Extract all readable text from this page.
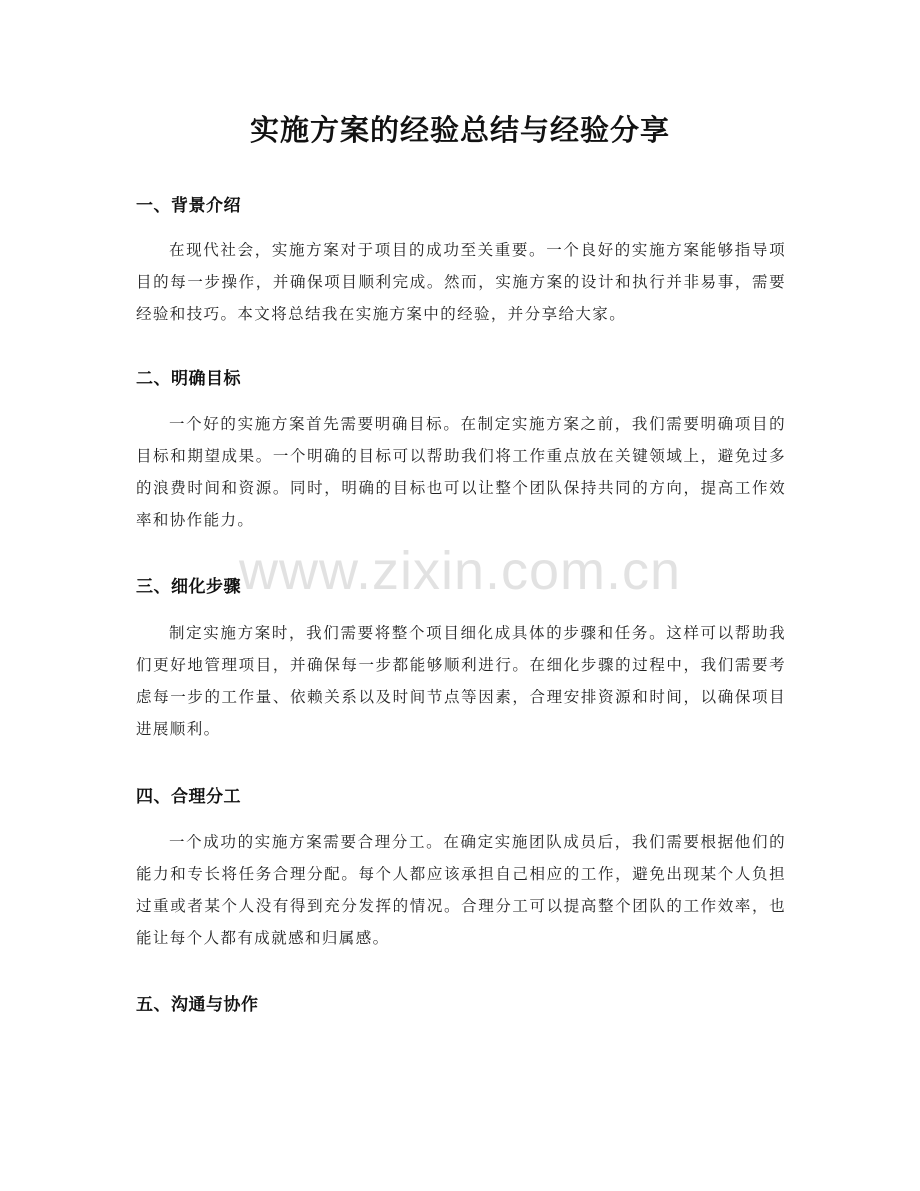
实施方案的经验总结与经验分享
一、背景介绍

在现代社会，实施方案对于项目的成功至关重要。一个良好的实施方案能够指导项目的每一步操作，并确保项目顺利完成。然而，实施方案的设计和执行并非易事，需要经验和技巧。本文将总结我在实施方案中的经验，并分享给大家。

二、明确目标

一个好的实施方案首先需要明确目标。在制定实施方案之前，我们需要明确项目的目标和期望成果。一个明确的目标可以帮助我们将工作重点放在关键领域上，避免过多的浪费时间和资源。同时，明确的目标也可以让整个团队保持共同的方向，提高工作效率和协作能力。

三、细化步骤

制定实施方案时，我们需要将整个项目细化成具体的步骤和任务。这样可以帮助我们更好地管理项目，并确保每一步都能够顺利进行。在细化步骤的过程中，我们需要考虑每一步的工作量、依赖关系以及时间节点等因素，合理安排资源和时间，以确保项目进展顺利。

四、合理分工

一个成功的实施方案需要合理分工。在确定实施团队成员后，我们需要根据他们的能力和专长将任务合理分配。每个人都应该承担自己相应的工作，避免出现某个人负担过重或者某个人没有得到充分发挥的情况。合理分工可以提高整个团队的工作效率，也能让每个人都有成就感和归属感。

五、沟通与协作
www.zixin.com.cn
